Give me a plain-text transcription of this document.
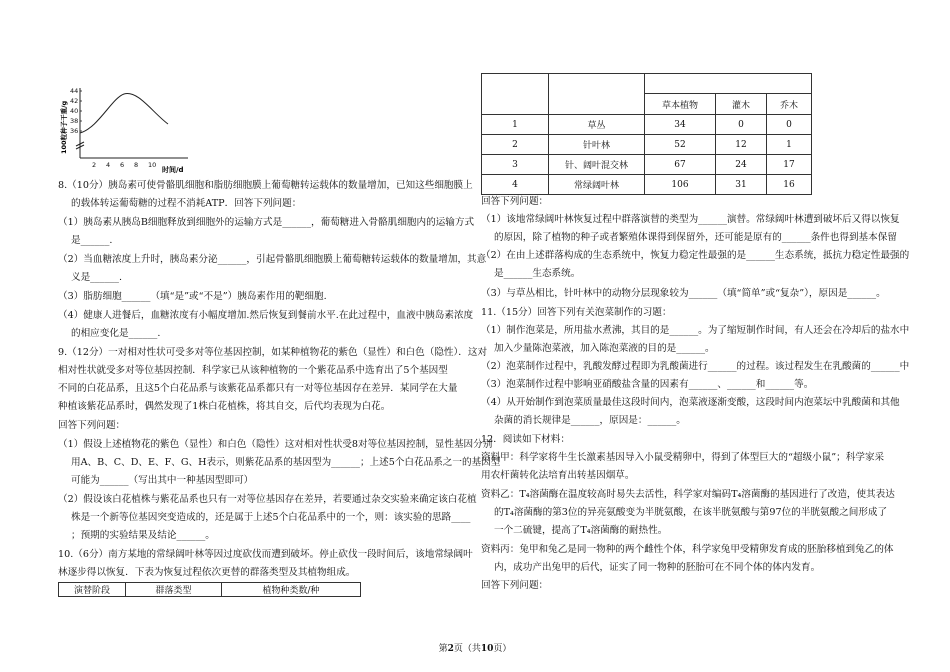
44
42
40
38
36
2 4 6 8 10
时间/d
100粒种子干重/g

8.（10分）胰岛素可使骨骼肌细胞和脂肪细胞膜上葡萄糖转运载体的数量增加，已知这些细胞膜上

的载体转运葡萄糖的过程不消耗ATP．回答下列问题：

（1）胰岛素从胰岛B细胞释放到细胞外的运输方式是______，葡萄糖进入骨骼肌细胞内的运输方式

是______.

（2）当血糖浓度上升时，胰岛素分泌______，引起骨骼肌细胞膜上葡萄糖转运载体的数量增加，其意

义是______.

（3）脂肪细胞______（填“是”或“不是”）胰岛素作用的靶细胞.

（4）健康人进餐后，血糖浓度有小幅度增加.然后恢复到餐前水平.在此过程中，血液中胰岛素浓度

的相应变化是______.

9.（12分）一对相对性状可受多对等位基因控制，如某种植物花的紫色（显性）和白色（隐性）．这对

相对性状就受多对等位基因控制．科学家已从该种植物的一个紫花品系中选育出了5个基因型

不同的白花品系，且这5个白花品系与该紫花品系都只有一对等位基因存在差异．某同学在大量

种植该紫花品系时，偶然发现了1株白花植株，将其自交，后代均表现为白花。

回答下列问题：

（1）假设上述植物花的紫色（显性）和白色（隐性）这对相对性状受8对等位基因控制，显性基因分别

用A、B、C、D、E、F、G、H表示，则紫花品系的基因型为______；上述5个白花品系之一的基因型

可能为______（写出其中一种基因型即可）

（2）假设该白花植株与紫花品系也只有一对等位基因存在差异，若要通过杂交实验来确定该白花植

株是一个新等位基因突变造成的，还是属于上述5个白花品系中的一个，则：该实验的思路____

；预期的实验结果及结论______。

10.（6分）南方某地的常绿阔叶林等因过度砍伐而遭到破坏。停止砍伐一段时间后，该地常绿阔叶

林逐步得以恢复．下表为恢复过程依次更替的群落类型及其植物组成。

演替阶段	群落类型	植物种类数/种

		草本植物	灌木	乔木
1	草丛	34	0	0
2	针叶林	52	12	1
3	针、阔叶混交林	67	24	17
4	常绿阔叶林	106	31	16

回答下列问题：

（1）该地常绿阔叶林恢复过程中群落演替的类型为______演替。常绿阔叶林遭到破坏后又得以恢复

的原因，除了植物的种子或者繁殖体课得到保留外，还可能是原有的______条件也得到基本保留

（2）在由上述群落构成的生态系统中，恢复力稳定性最强的是______生态系统，抵抗力稳定性最强的

是______生态系统。

（3）与草丛相比，针叶林中的动物分层现象较为______（填“简单”或“复杂”），原因是______。

11.（15分）回答下列有关泡菜制作的习题：

（1）制作泡菜是，所用盐水煮沸，其目的是______。为了缩短制作时间，有人还会在冷却后的盐水中

加入少量陈泡菜液，加入陈泡菜液的目的是______。

（2）泡菜制作过程中，乳酸发酵过程即为乳酸菌进行______的过程。该过程发生在乳酸菌的______中

（3）泡菜制作过程中影响亚硝酸盐含量的因素有______、______和______等。

（4）从开始制作到泡菜质量最佳这段时间内，泡菜液逐渐变酸，这段时间内泡菜坛中乳酸菌和其他

杂菌的消长规律是______，原因是：______。

12．阅读如下材料：

资料甲：科学家将牛生长激素基因导入小鼠受精卵中，得到了体型巨大的“超级小鼠”；科学家采

用农杆菌转化法培育出转基因烟草。

资料乙：T₄溶菌酶在温度较高时易失去活性，科学家对编码T₄溶菌酶的基因进行了改造，使其表达

的T₄溶菌酶的第3位的异亮氨酸变为半胱氨酸，在该半胱氨酸与第97位的半胱氨酸之间形成了

一个二硫键，提高了T₄溶菌酶的耐热性。

资料丙：兔甲和兔乙是同一物种的两个雌性个体，科学家兔甲受精卵发育成的胚胎移植到兔乙的体

内，成功产出兔甲的后代，证实了同一物种的胚胎可在不同个体的体内发育。

回答下列问题：

第2页（共10页）
